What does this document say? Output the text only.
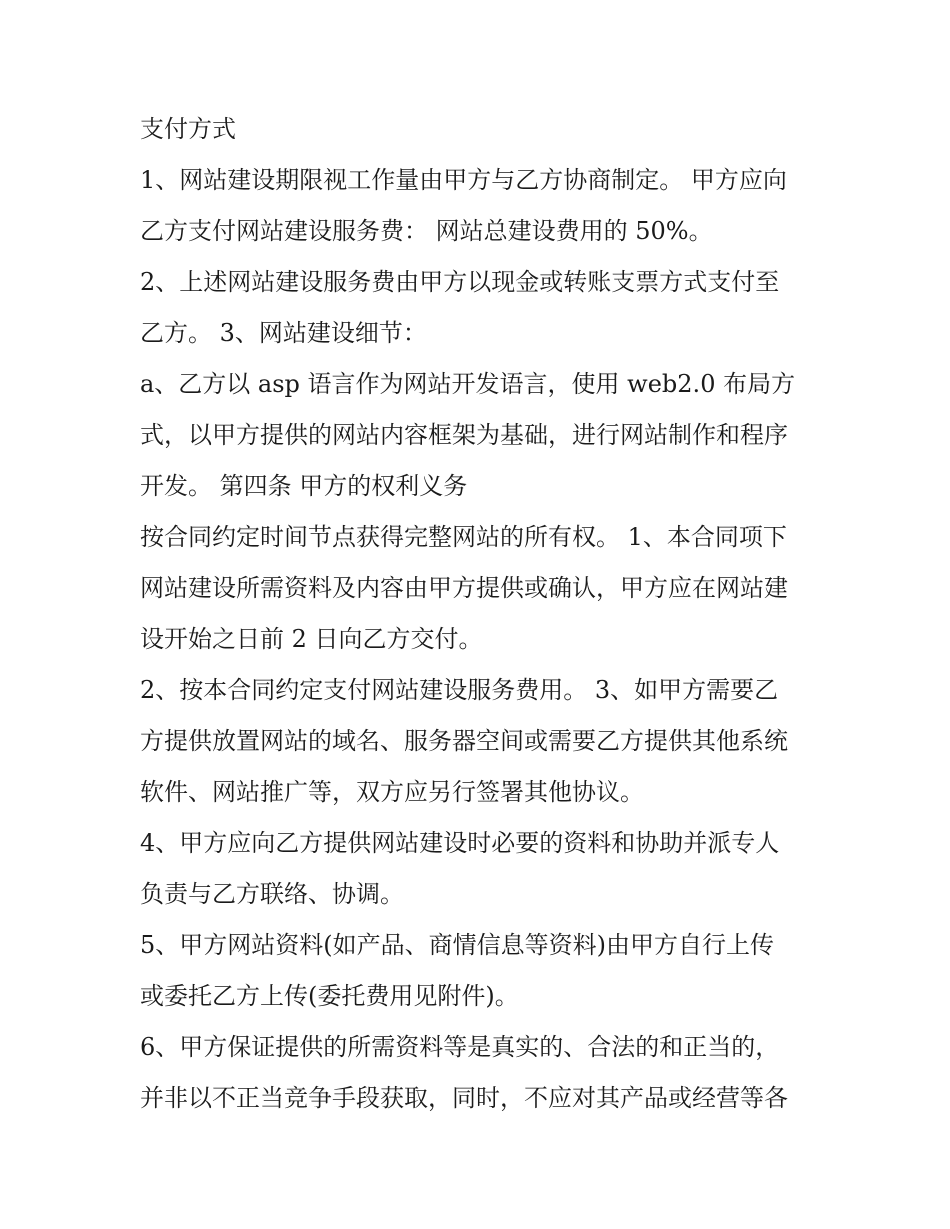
支付方式
1、网站建设期限视工作量由甲方与乙方协商制定。 甲方应向
乙方支付网站建设服务费： 网站总建设费用的 50%。
2、上述网站建设服务费由甲方以现金或转账支票方式支付至
乙方。 3、网站建设细节：
a、乙方以 asp 语言作为网站开发语言，使用 web2.0 布局方
式，以甲方提供的网站内容框架为基础，进行网站制作和程序
开发。 第四条 甲方的权利义务
按合同约定时间节点获得完整网站的所有权。 1、本合同项下
网站建设所需资料及内容由甲方提供或确认，甲方应在网站建
设开始之日前 2 日向乙方交付。
2、按本合同约定支付网站建设服务费用。 3、如甲方需要乙
方提供放置网站的域名、服务器空间或需要乙方提供其他系统
软件、网站推广等，双方应另行签署其他协议。
4、甲方应向乙方提供网站建设时必要的资料和协助并派专人
负责与乙方联络、协调。
5、甲方网站资料(如产品、商情信息等资料)由甲方自行上传
或委托乙方上传(委托费用见附件)。
6、甲方保证提供的所需资料等是真实的、合法的和正当的，
并非以不正当竞争手段获取，同时，不应对其产品或经营等各
